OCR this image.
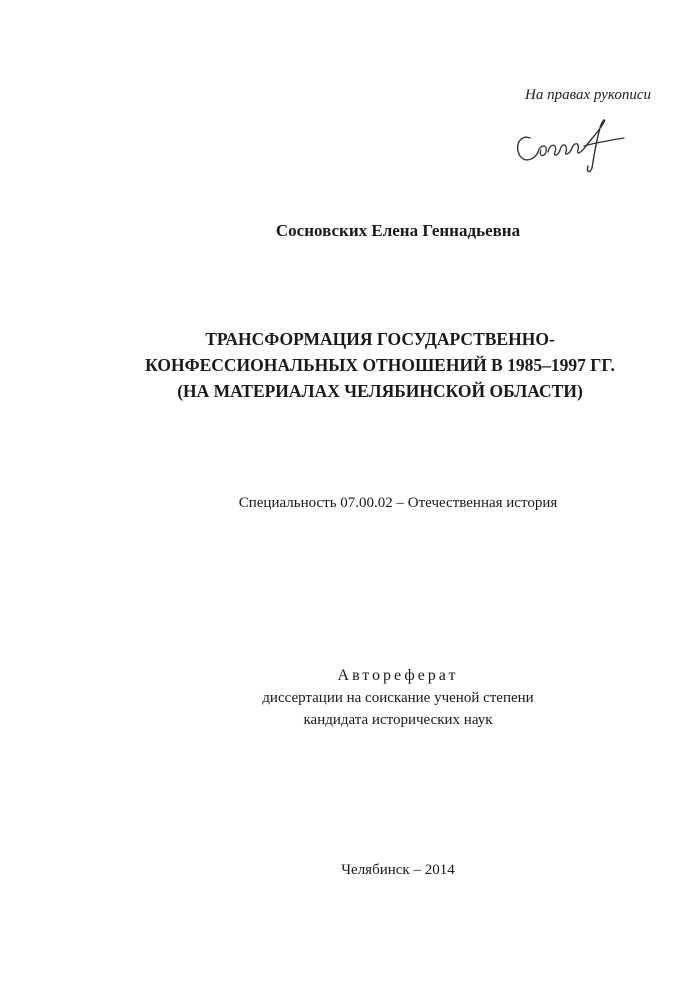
На правах рукописи
Сосновских Елена Геннадьевна
ТРАНСФОРМАЦИЯ ГОСУДАРСТВЕННО-
КОНФЕССИОНАЛЬНЫХ ОТНОШЕНИЙ В 1985–1997 ГГ.
(НА МАТЕРИАЛАХ ЧЕЛЯБИНСКОЙ ОБЛАСТИ)
Специальность 07.00.02 – Отечественная история
Автореферат
диссертации на соискание ученой степени
кандидата исторических наук
Челябинск – 2014
